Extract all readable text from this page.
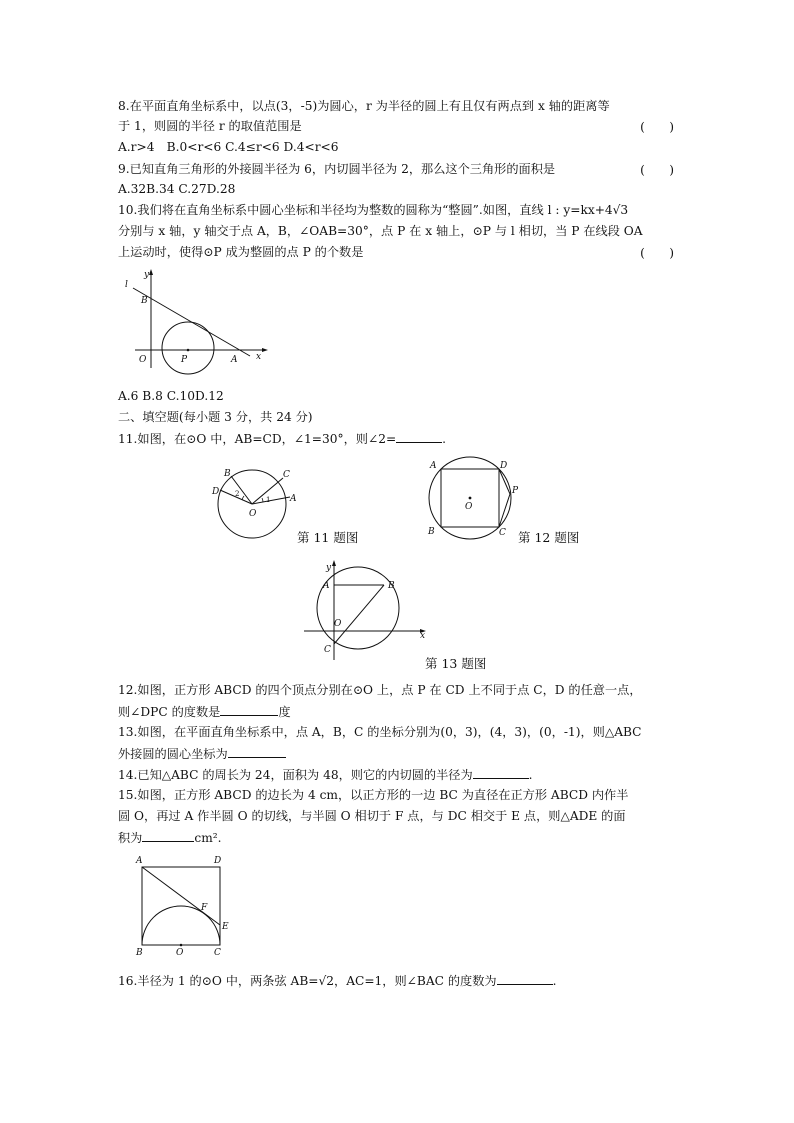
8.在平面直角坐标系中，以点(3，-5)为圆心，r 为半径的圆上有且仅有两点到 x 轴的距离等
于 1，则圆的半径 r 的取值范围是	(　　)
A.r>4　B.0<r<6 C.4≤r<6 D.4<r<6
9.已知直角三角形的外接圆半径为 6，内切圆半径为 2，那么这个三角形的面积是	(　　)
A.32B.34 C.27D.28
10.我们将在直角坐标系中圆心坐标和半径均为整数的圆称为“整圆”.如图，直线 l : y=kx+4√3
分别与 x 轴，y 轴交于点 A，B，∠OAB=30°，点 P 在 x 轴上，⊙P 与 l 相切，当 P 在线段 OA
上运动时，使得⊙P 成为整圆的点 P 的个数是	(　　)
l
y
B
O	P	A x
A.6 B.8 C.10D.12
二、填空题(每小题 3 分，共 24 分)
11.如图，在⊙O 中，AB=CD，∠1=30°，则∠2=	.
B	C
D
A
O
2
1
第 11 题图
A	D
P
B	C
O
第 12 题图
y
A	B
O
C
x
第 13 题图
12.如图，正方形 ABCD 的四个顶点分别在⊙O 上，点 P 在 CD 上不同于点 C，D 的任意一点，
则∠DPC 的度数是	度
13.如图，在平面直角坐标系中，点 A，B，C 的坐标分别为(0，3)，(4，3)，(0，-1)，则△ABC
外接圆的圆心坐标为
14.已知△ABC 的周长为 24，面积为 48，则它的内切圆的半径为	.
15.如图，正方形 ABCD 的边长为 4 cm，以正方形的一边 BC 为直径在正方形 ABCD 内作半
圆 O，再过 A 作半圆 O 的切线，与半圆 O 相切于 F 点，与 DC 相交于 E 点，则△ADE 的面
积为	cm².
A	D
F
E
B	O	C
16.半径为 1 的⊙O 中，两条弦 AB=√2，AC=1，则∠BAC 的度数为	.
